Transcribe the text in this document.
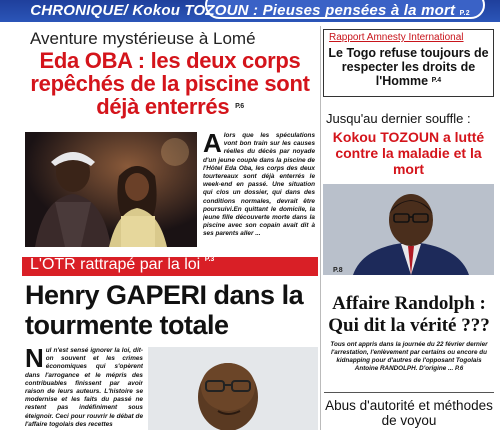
CHRONIQUE/ Kokou TOZOUN : Pieuses pensées à la mort P.2
Aventure mystérieuse à Lomé
Eda OBA : les deux corps repêchés de la piscine sont déjà enterrés $^{P.6}$
Alors que les spéculations vont bon train sur les causes réelles du décès par noyade d'un jeune couple dans la piscine de l'Hôtel Eda Oba, les corps des deux tourtereaux sont déjà enterrés le week-end en passé. Une situation qui clos un dossier, qui dans des conditions normales, devrait être poursuivi.En quittant le domicile, la jeune fille découverte morte dans la piscine avec son copain avait dit à ses parents aller ...
L'OTR rattrapé par la loi $^{P.3}$
Henry GAPERI dans la tourmente totale
Nul n'est sensé ignorer la loi, dit-on souvent et les crimes économiques qui s'opèrent dans l'arrogance et le mépris des contribuables finissent par avoir raison de leurs auteurs. L'histoire se modernise et les faits du passé ne restent pas indéfiniment sous éteignoir. Ceci pour rouvrir le débat de l'affaire togolais des recettes
Rapport Amnesty International
Le Togo refuse toujours de respecter les droits de l'Homme $^{P.4}$
Jusqu'au dernier souffle :
Kokou TOZOUN a lutté contre la maladie et la mort
P.8
Affaire Randolph : Qui dit la vérité ???
Tous ont appris dans la journée du 22 février dernier l'arrestation, l'enlèvement par certains ou encore du kidnapping pour d'autres de l'opposant Togolais Antoine RANDOLPH. D'origine ... P.6
Abus d'autorité et méthodes de voyou
